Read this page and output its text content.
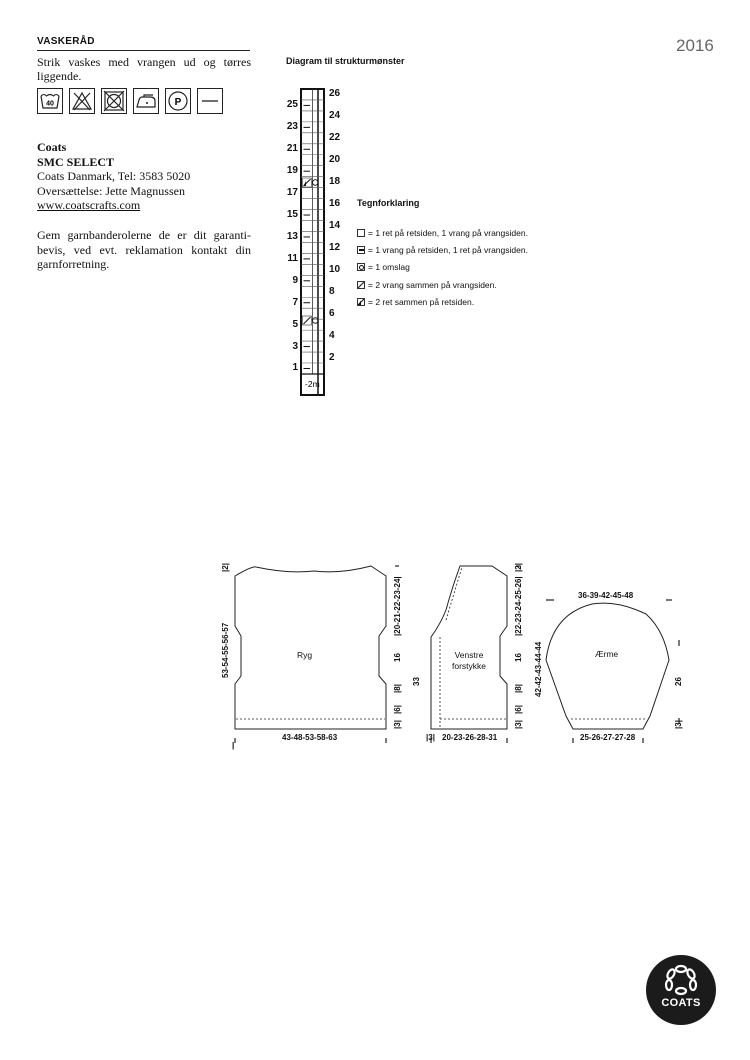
2016
VASKERÅD
Strik vaskes med vrangen ud og tørres liggende.
40	P
Coats
SMC SELECT
Coats Danmark, Tel: 3583 5020
Oversættelse: Jette Magnussen
www.coatscrafts.com
Gem garnbanderolerne de er dit garanti-bevis, ved evt. reklamation kontakt din garnforretning.
Diagram til strukturmønster
-2m
25
23
21
19
17
15
13
11
9
7
5
3
1
26
24
22
20
18
16
14
12
10
8
6
4
2
Tegnforklaring
= 1 ret på retsiden, 1 vrang på vrangsiden.
= 1 vrang på retsiden, 1 ret på vrangsiden.
= 1 omslag
= 2 vrang sammen på vrangsiden.
= 2 ret sammen på retsiden.
|
Ryg
43-48-53-58-63
53-54-55-56-57
|2|
|20-21-22-23-24|
16
|8|
|6|
|3|
Venstre
forstykke
|3| 20-23-26-28-31
33
|22-23-24-25-26|
|2|
16
|8|
|6|
|3|
Ærme
36-39-42-45-48
25-26-27-27-28
42-42-43-44-44	26
|3|
COATS
